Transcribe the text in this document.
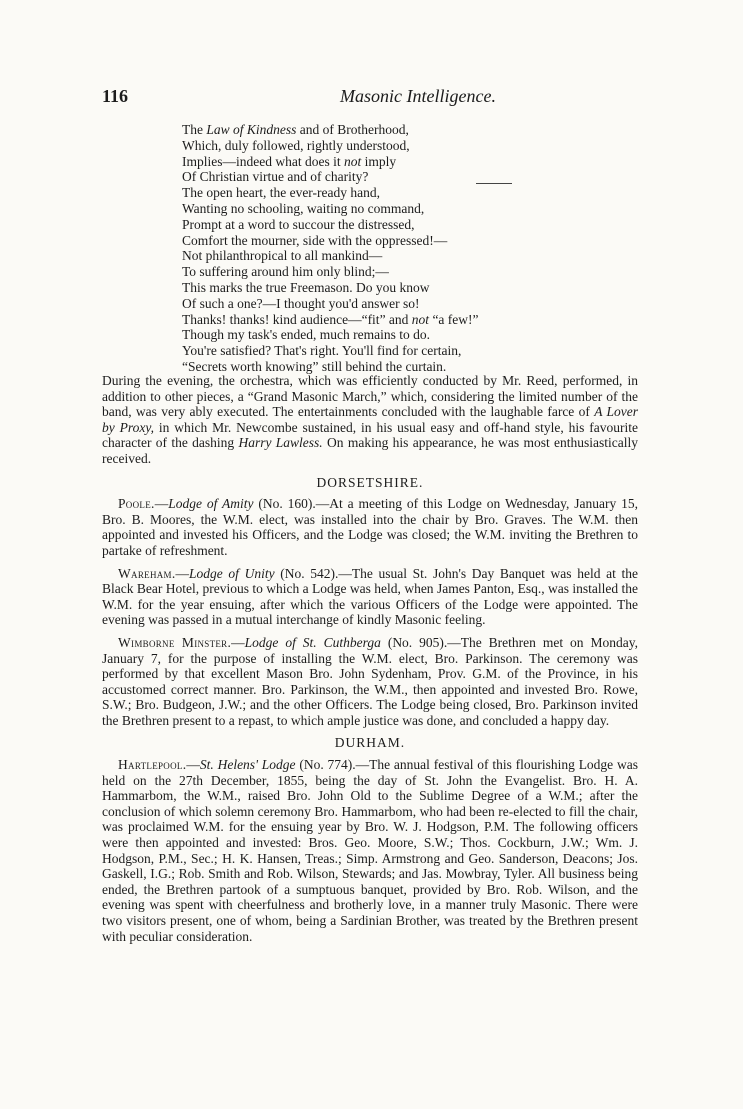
116	Masonic Intelligence.
The Law of Kindness and of Brotherhood,
Which, duly followed, rightly understood,
Implies—indeed what does it not imply
Of Christian virtue and of charity?
The open heart, the ever-ready hand,
Wanting no schooling, waiting no command,
Prompt at a word to succour the distressed,
Comfort the mourner, side with the oppressed!—
Not philanthropical to all mankind—
To suffering around him only blind;—
This marks the true Freemason. Do you know
Of such a one?—I thought you'd answer so!
Thanks! thanks! kind audience—“fit” and not “a few!”
Though my task's ended, much remains to do.
You're satisfied? That's right. You'll find for certain,
“Secrets worth knowing” still behind the curtain.

During the evening, the orchestra, which was efficiently conducted by Mr. Reed, performed, in addition to other pieces, a “Grand Masonic March,” which, considering the limited number of the band, was very ably executed. The entertainments concluded with the laughable farce of A Lover by Proxy, in which Mr. Newcombe sustained, in his usual easy and off-hand style, his favourite character of the dashing Harry Lawless. On making his appearance, he was most enthusiastically received.

DORSETSHIRE.

Poole.—Lodge of Amity (No. 160).—At a meeting of this Lodge on Wednesday, January 15, Bro. B. Moores, the W.M. elect, was installed into the chair by Bro. Graves. The W.M. then appointed and invested his Officers, and the Lodge was closed; the W.M. inviting the Brethren to partake of refreshment.

Wareham.—Lodge of Unity (No. 542).—The usual St. John's Day Banquet was held at the Black Bear Hotel, previous to which a Lodge was held, when James Panton, Esq., was installed the W.M. for the year ensuing, after which the various Officers of the Lodge were appointed. The evening was passed in a mutual interchange of kindly Masonic feeling.

Wimborne Minster.—Lodge of St. Cuthberga (No. 905).—The Brethren met on Monday, January 7, for the purpose of installing the W.M. elect, Bro. Parkinson. The ceremony was performed by that excellent Mason Bro. John Sydenham, Prov. G.M. of the Province, in his accustomed correct manner. Bro. Parkinson, the W.M., then appointed and invested Bro. Rowe, S.W.; Bro. Budgeon, J.W.; and the other Officers. The Lodge being closed, Bro. Parkinson invited the Brethren present to a repast, to which ample justice was done, and concluded a happy day.

DURHAM.

Hartlepool.—St. Helens' Lodge (No. 774).—The annual festival of this flourishing Lodge was held on the 27th December, 1855, being the day of St. John the Evangelist. Bro. H. A. Hammarbom, the W.M., raised Bro. John Old to the Sublime Degree of a W.M.; after the conclusion of which solemn ceremony Bro. Hammarbom, who had been re-elected to fill the chair, was proclaimed W.M. for the ensuing year by Bro. W. J. Hodgson, P.M. The following officers were then appointed and invested: Bros. Geo. Moore, S.W.; Thos. Cockburn, J.W.; Wm. J. Hodgson, P.M., Sec.; H. K. Hansen, Treas.; Simp. Armstrong and Geo. Sanderson, Deacons; Jos. Gaskell, I.G.; Rob. Smith and Rob. Wilson, Stewards; and Jas. Mowbray, Tyler. All business being ended, the Brethren partook of a sumptuous banquet, provided by Bro. Rob. Wilson, and the evening was spent with cheerfulness and brotherly love, in a manner truly Masonic. There were two visitors present, one of whom, being a Sardinian Brother, was treated by the Brethren present with peculiar consideration.
